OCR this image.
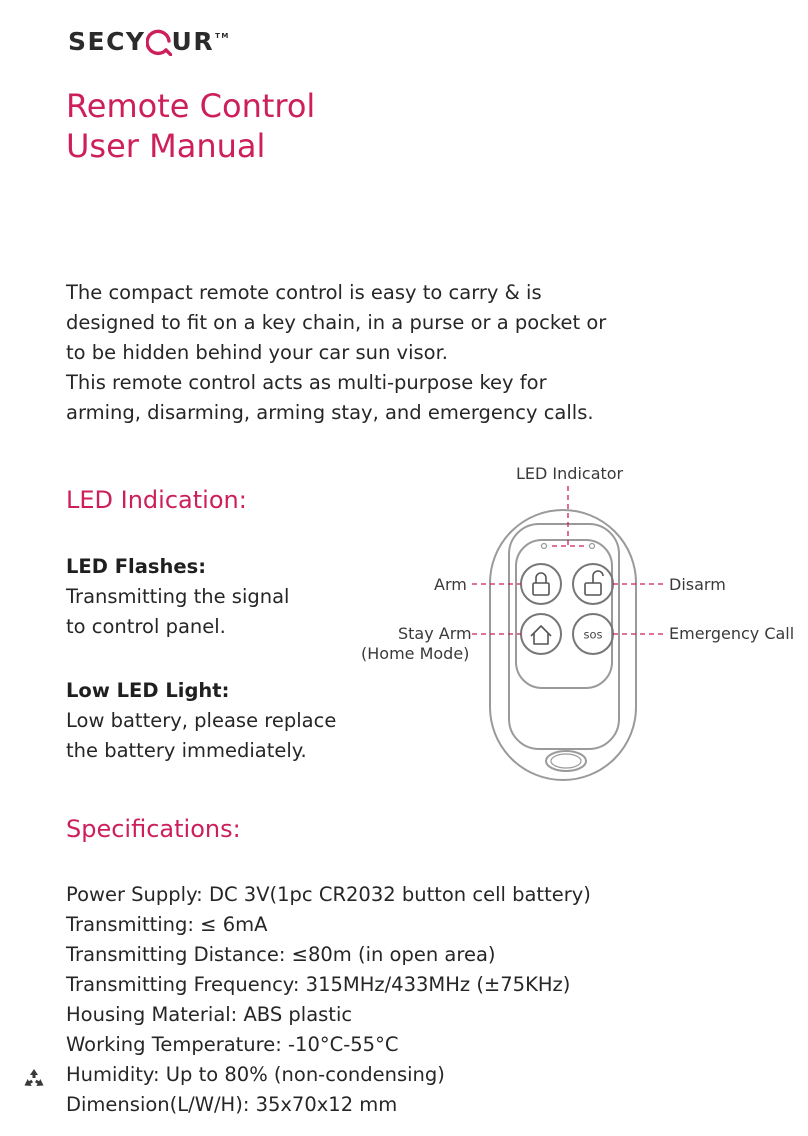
SECY UR TM
Remote Control
User Manual

The compact remote control is easy to carry & is
designed to fit on a key chain, in a purse or a pocket or
to be hidden behind your car sun visor.
This remote control acts as multi-purpose key for
arming, disarming, arming stay, and emergency calls.

LED Indication:
LED Flashes:
Transmitting the signal
to control panel.
Low LED Light:
Low battery, please replace
the battery immediately.
sos
LED Indicator
Arm	Disarm
Stay Arm
(Home Mode)
Emergency Call
Specifications:
Power Supply: DC 3V(1pc CR2032 button cell battery)
Transmitting: ≤ 6mA
Transmitting Distance: ≤80m (in open area)
Transmitting Frequency: 315MHz/433MHz (±75KHz)
Housing Material: ABS plastic
Working Temperature: -10°C-55°C
Humidity: Up to 80% (non-condensing)
Dimension(L/W/H): 35x70x12 mm
